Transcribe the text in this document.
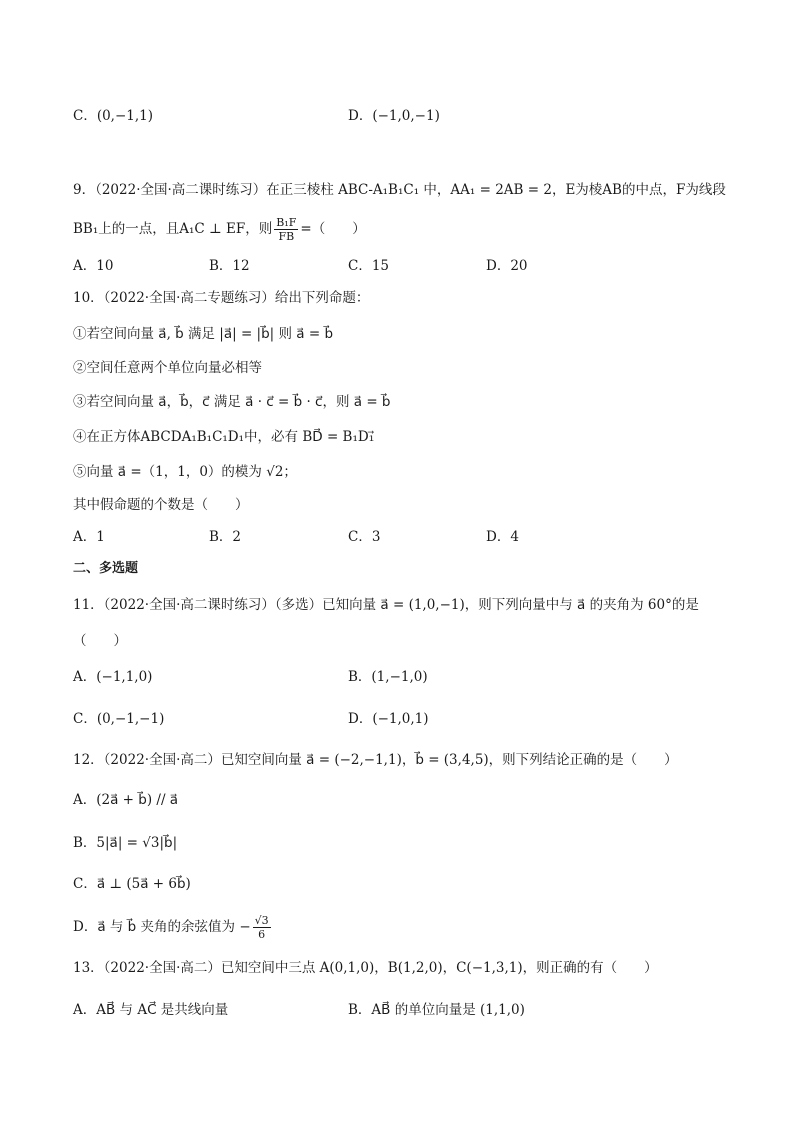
C．(0,−1,1)	D．(−1,0,−1)
9．（2022·全国·高二课时练习）在正三棱柱 ABC-A₁B₁C₁ 中，AA₁ = 2AB = 2，E为棱AB的中点，F为线段
BB₁上的一点，且A₁C ⊥ EF，则 $\frac{\text{B₁F}}{FB}$ =（　　）
A．10	B．12	C．15	D．20
10．（2022·全国·高二专题练习）给出下列命题：
①若空间向量 a⃗, b⃗ 满足 |a⃗| = |b⃗| 则 a⃗ = b⃗
②空间任意两个单位向量必相等
③若空间向量 a⃗，b⃗，c⃗ 满足 a⃗ · c⃗ = b⃗ · c⃗，则 a⃗ = b⃗
④在正方体ABCDA₁B₁C₁D₁中，必有 BD⃗ = B₁D₁⃗
⑤向量 a⃗ =（1，1，0）的模为 √2；
其中假命题的个数是（　　）
A．1	B．2	C．3	D．4
二、多选题
11．（2022·全国·高二课时练习）（多选）已知向量 a⃗ = (1,0,−1)，则下列向量中与 a⃗ 的夹角为 60°的是
（　　）
A．(−1,1,0)	B．(1,−1,0)
C．(0,−1,−1)	D．(−1,0,1)
12．（2022·全国·高二）已知空间向量 a⃗ = (−2,−1,1)，b⃗ = (3,4,5)，则下列结论正确的是（　　）
A．(2a⃗ + b⃗) // a⃗
B．5|a⃗| = √3|b⃗|
C．a⃗ ⊥ (5a⃗ + 6b⃗)
D．a⃗ 与 b⃗ 夹角的余弦值为 − $\frac{√3}{6}$
13．（2022·全国·高二）已知空间中三点 A(0,1,0)，B(1,2,0)，C(−1,3,1)，则正确的有（　　）
A．AB⃗ 与 AC⃗ 是共线向量	B．AB⃗ 的单位向量是 (1,1,0)
